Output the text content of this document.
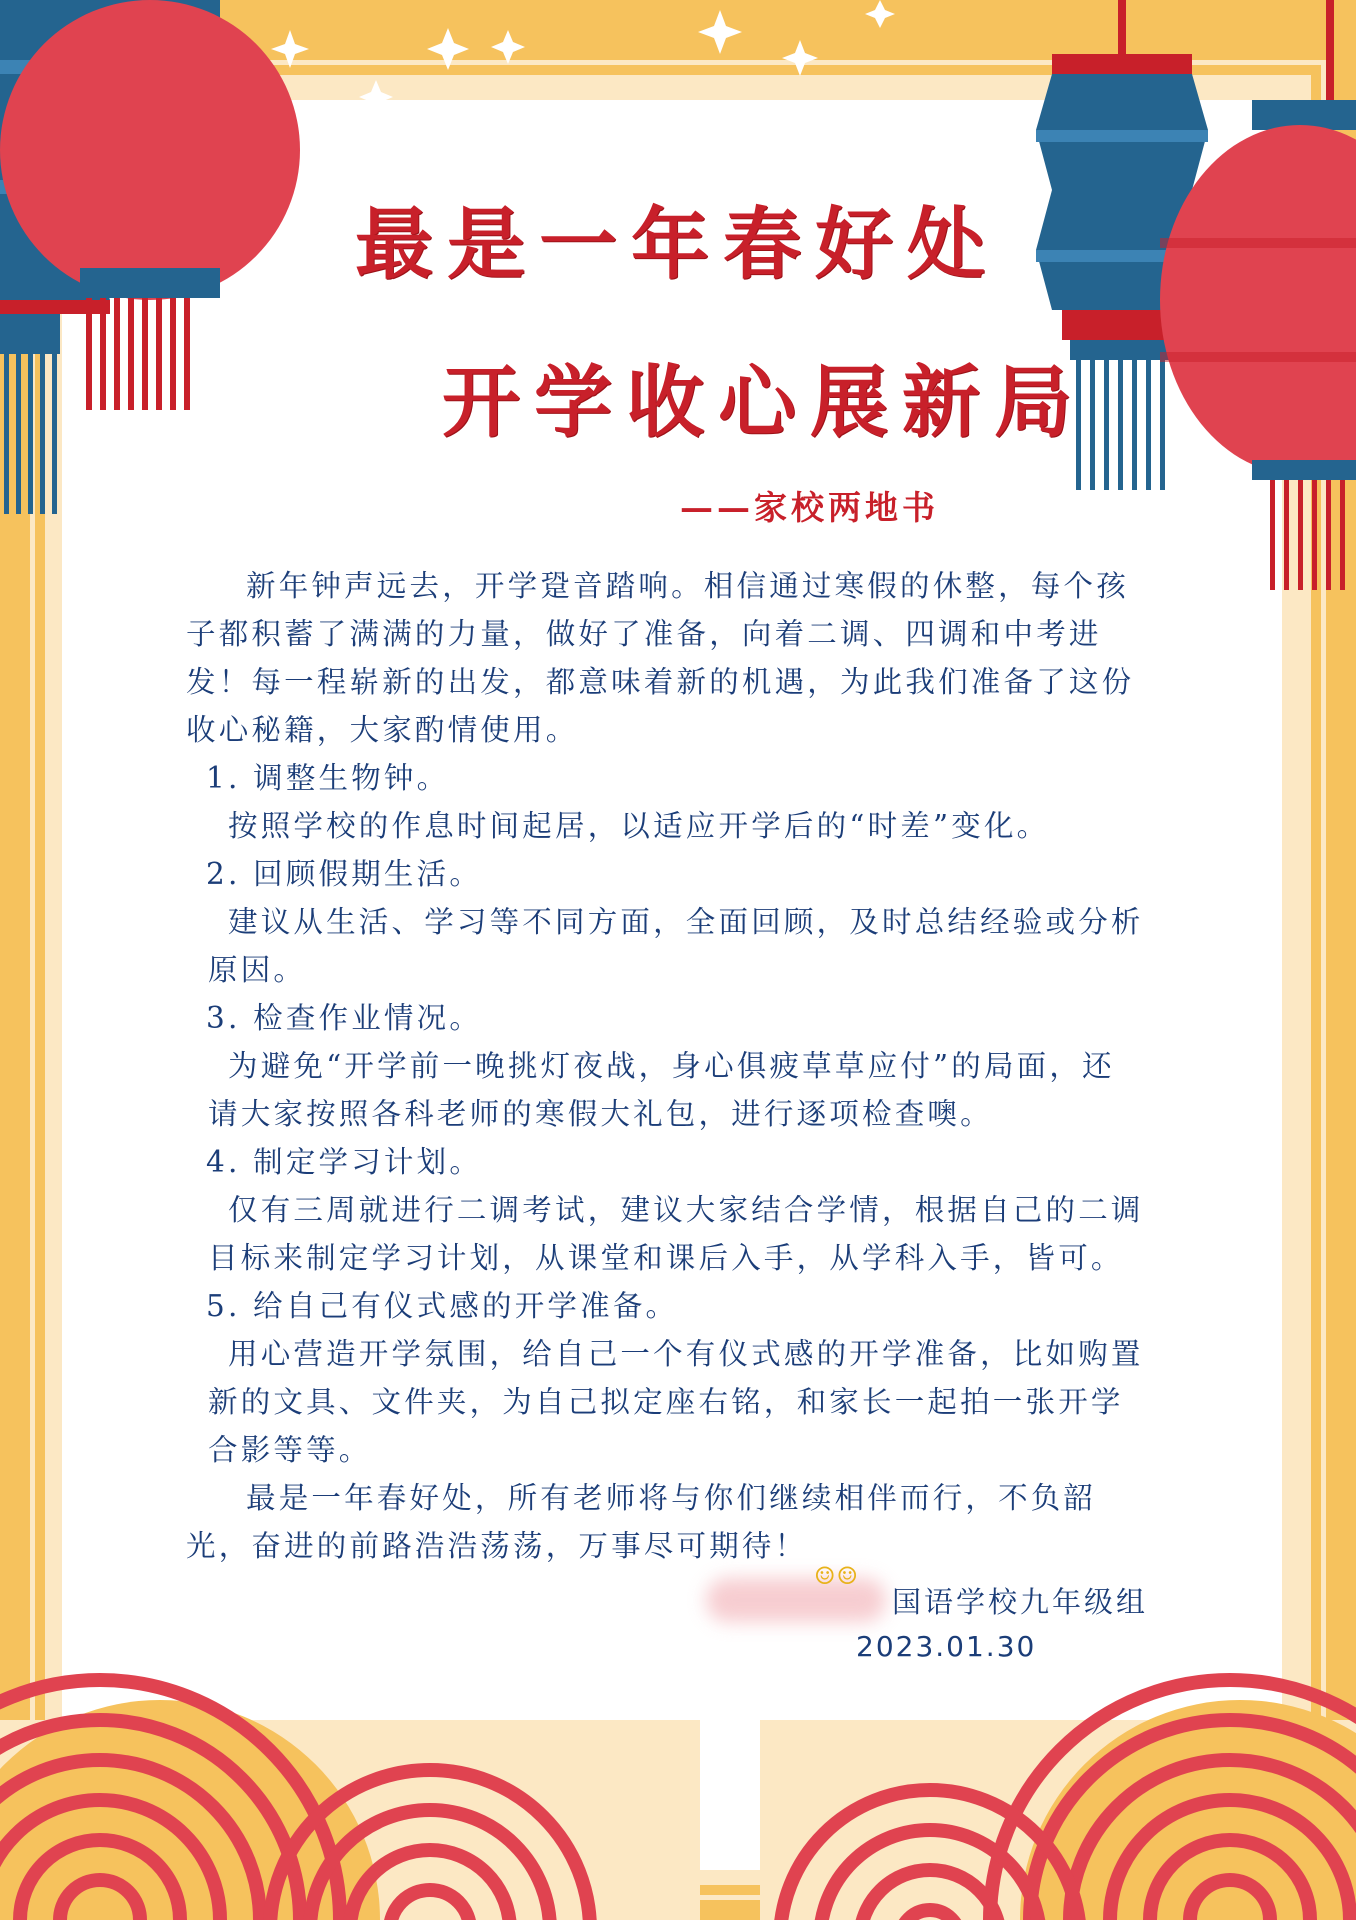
最是一年春好处
开学收心展新局
——家校两地书

新年钟声远去，开学跫音踏响。相信通过寒假的休整，每个孩子都积蓄了满满的力量，做好了准备，向着二调、四调和中考进发！每一程崭新的出发，都意味着新的机遇，为此我们准备了这份收心秘籍，大家酌情使用。

1. 调整生物钟。

按照学校的作息时间起居，以适应开学后的“时差”变化。

2. 回顾假期生活。

建议从生活、学习等不同方面，全面回顾，及时总结经验或分析原因。

3. 检查作业情况。

为避免“开学前一晚挑灯夜战，身心俱疲草草应付”的局面，还请大家按照各科老师的寒假大礼包，进行逐项检查噢。

4. 制定学习计划。

仅有三周就进行二调考试，建议大家结合学情，根据自己的二调目标来制定学习计划，从课堂和课后入手，从学科入手，皆可。

5. 给自己有仪式感的开学准备。

用心营造开学氛围，给自己一个有仪式感的开学准备，比如购置新的文具、文件夹，为自己拟定座右铭，和家长一起拍一张开学合影等等。

最是一年春好处，所有老师将与你们继续相伴而行，不负韶光，奋进的前路浩浩荡荡，万事尽可期待！

☺☺
国语学校九年级组
2023.01.30
